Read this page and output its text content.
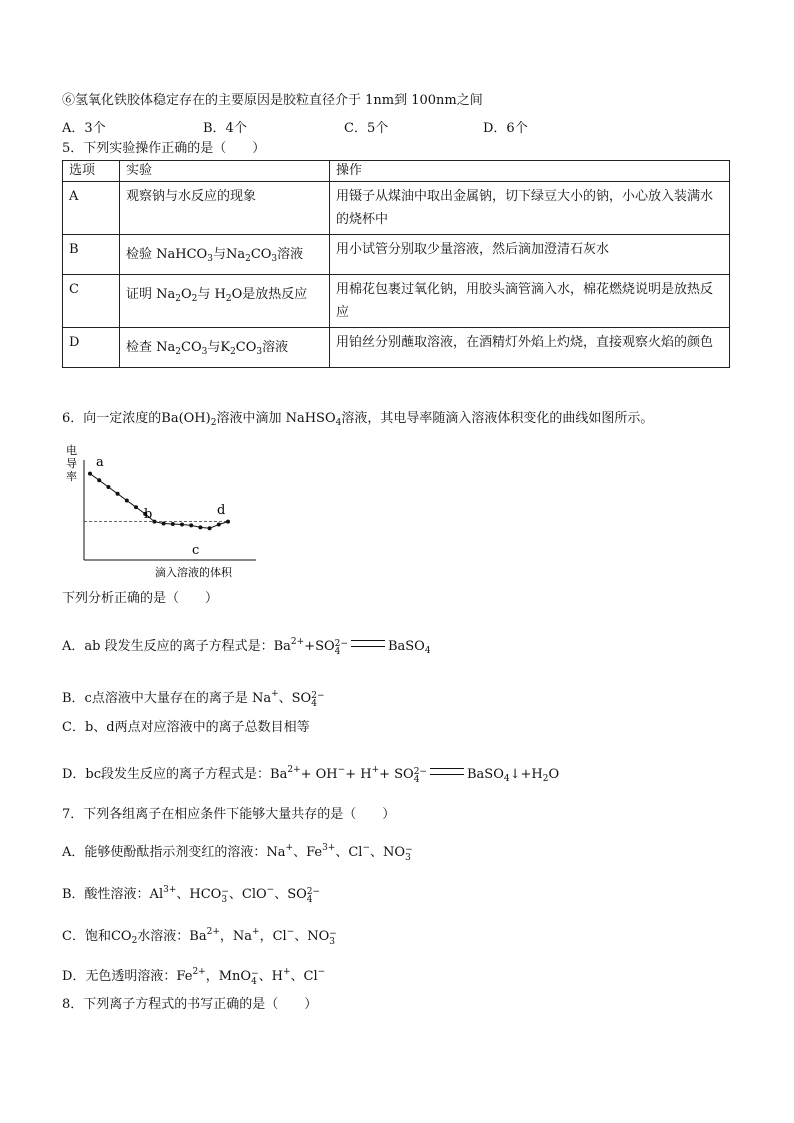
⑥氢氧化铁胶体稳定存在的主要原因是胶粒直径介于 1nm到 100nm之间
A．3个	B．4个	C．5个	D．6个
5．下列实验操作正确的是（　　）
选项	实验	操作
A	观察钠与水反应的现象	用镊子从煤油中取出金属钠，切下绿豆大小的钠，小心放入装满水的烧杯中
B	检验 NaHCO$_3$与$Na_2CO_3$溶液	用小试管分别取少量溶液，然后滴加澄清石灰水
C	证明 $Na_2O_2$与 $H_2O$是放热反应	用棉花包裹过氧化钠，用胶头滴管滴入水，棉花燃烧说明是放热反应
D	检查 $Na_2CO_3$与$K_2CO_3$溶液	用铂丝分别蘸取溶液，在酒精灯外焰上灼烧，直接观察火焰的颜色
6．向一定浓度的$Ba(OH)_2$溶液中滴加 NaHSO$_4$溶液，其电导率随滴入溶液体积变化的曲线如图所示。
电
导
率
a
b
c
d
滴入溶液的体积
下列分析正确的是（　　）
A．ab 段发生反应的离子方程式是：$Ba^{2+}+SO$ 2−
4	BaSO$_4$
B．c点溶液中大量存在的离子是 Na+、SO 2−
4
C．b、d两点对应溶液中的离子总数目相等
D．bc段发生反应的离子方程式是：$Ba^{2+}+ OH^-+ H^++$ SO 2−
4	$BaSO_4↓+H_2O$
7．下列各组离子在相应条件下能够大量共存的是（　　）
A．能够使酚酞指示剂变红的溶液：Na+、$Fe^{3+}$、Cl−、NO −
3
B．酸性溶液：$Al^{3+}$、HCO −
3 、ClO−、SO 2−
4
C．饱和$CO_2$水溶液：$Ba^{2+}$，Na+，Cl−、NO −
3
D．无色透明溶液：$Fe^{2+}$，MnO −
4 、H+、Cl−
8．下列离子方程式的书写正确的是（　　）
